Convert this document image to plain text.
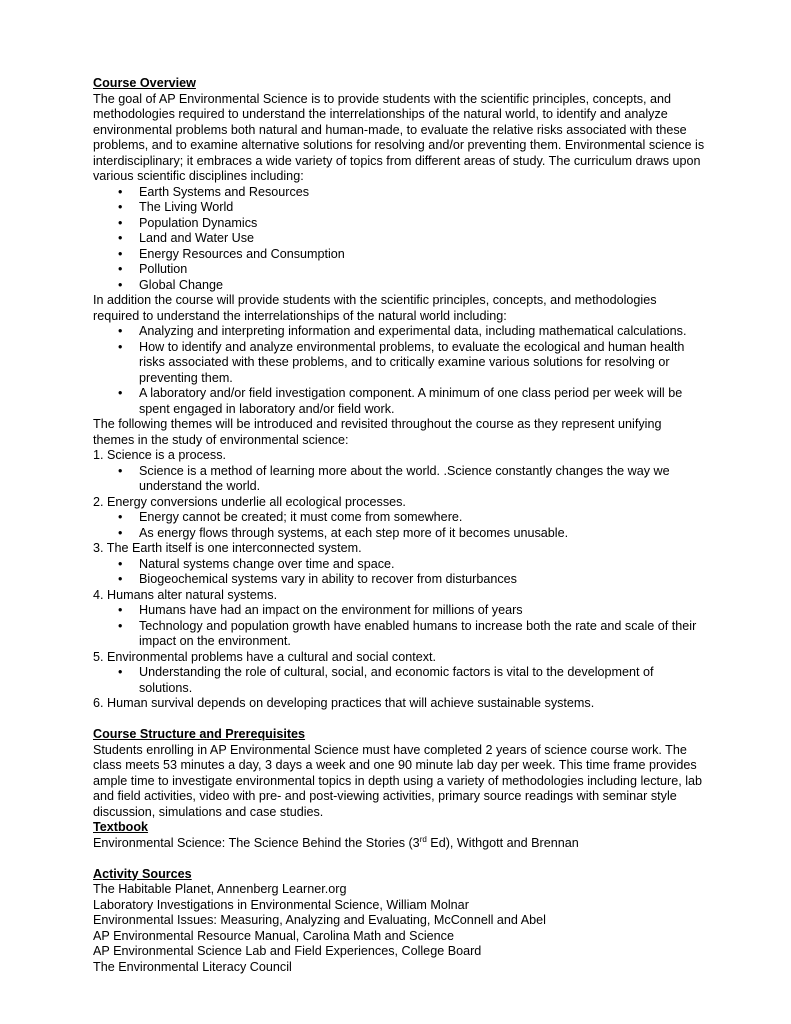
Course Overview

The goal of AP Environmental Science is to provide students with the scientific principles, concepts, and methodologies required to understand the interrelationships of the natural world, to identify and analyze environmental problems both natural and human-made, to evaluate the relative risks associated with these problems, and to examine alternative solutions for resolving and/or preventing them. Environmental science is interdisciplinary; it embraces a wide variety of topics from different areas of study. The curriculum draws upon various scientific disciplines including:

• Earth Systems and Resources
• The Living World
• Population Dynamics
• Land and Water Use
• Energy Resources and Consumption
• Pollution
• Global Change

In addition the course will provide students with the scientific principles, concepts, and methodologies required to understand the interrelationships of the natural world including:

• Analyzing and interpreting information and experimental data, including mathematical calculations.
• How to identify and analyze environmental problems, to evaluate the ecological and human health risks associated with these problems, and to critically examine various solutions for resolving or preventing them.
• A laboratory and/or field investigation component. A minimum of one class period per week will be spent engaged in laboratory and/or field work.

The following themes will be introduced and revisited throughout the course as they represent unifying themes in the study of environmental science:

1. Science is a process.

• Science is a method of learning more about the world. .Science constantly changes the way we understand the world.

2. Energy conversions underlie all ecological processes.

• Energy cannot be created; it must come from somewhere.
• As energy flows through systems, at each step more of it becomes unusable.

3. The Earth itself is one interconnected system.

• Natural systems change over time and space.
• Biogeochemical systems vary in ability to recover from disturbances

4. Humans alter natural systems.

• Humans have had an impact on the environment for millions of years
• Technology and population growth have enabled humans to increase both the rate and scale of their impact on the environment.

5. Environmental problems have a cultural and social context.

• Understanding the role of cultural, social, and economic factors is vital to the development of solutions.

6. Human survival depends on developing practices that will achieve sustainable systems.

Course Structure and Prerequisites

Students enrolling in AP Environmental Science must have completed 2 years of science course work. The class meets 53 minutes a day, 3 days a week and one 90 minute lab day per week. This time frame provides ample time to investigate environmental topics in depth using a variety of methodologies including lecture, lab and field activities, video with pre- and post-viewing activities, primary source readings with seminar style discussion, simulations and case studies.

Textbook

Environmental Science: The Science Behind the Stories (3rd Ed), Withgott and Brennan

Activity Sources

The Habitable Planet, Annenberg Learner.org

Laboratory Investigations in Environmental Science, William Molnar

Environmental Issues: Measuring, Analyzing and Evaluating, McConnell and Abel

AP Environmental Resource Manual, Carolina Math and Science

AP Environmental Science Lab and Field Experiences, College Board

The Environmental Literacy Council
